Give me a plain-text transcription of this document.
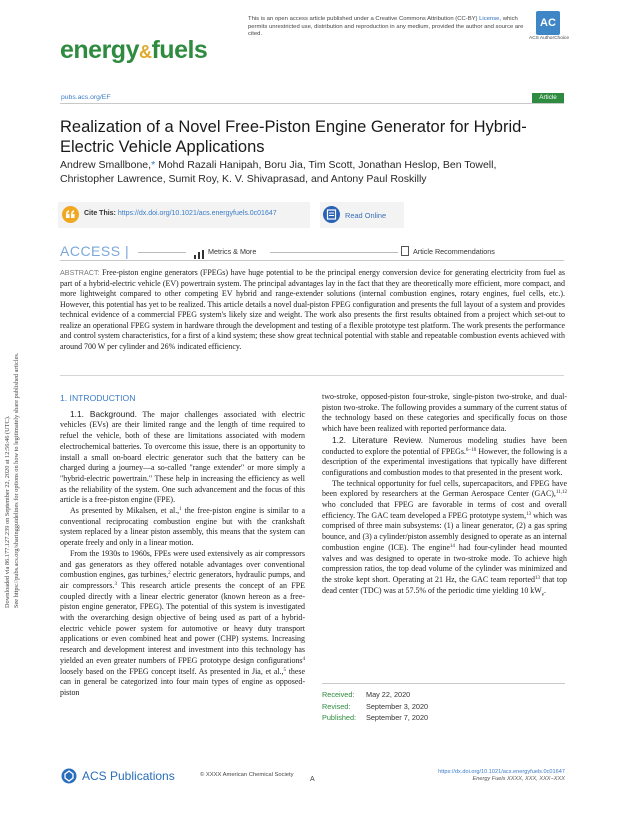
Downloaded via 86.177.127.239 on September 22, 2020 at 12:56:46 (UTC). See https://pubs.acs.org/sharingguidelines for options on how to legitimately share published articles.
This is an open access article published under a Creative Commons Attribution (CC-BY) License, which permits unrestricted use, distribution and reproduction in any medium, provided the author and source are cited.
AC
ACS AuthorChoice
energy&fuels
pubs.acs.org/EF	Article
Realization of a Novel Free-Piston Engine Generator for Hybrid-Electric Vehicle Applications
Andrew Smallbone,* Mohd Razali Hanipah, Boru Jia, Tim Scott, Jonathan Heslop, Ben Towell,
Christopher Lawrence, Sumit Roy, K. V. Shivaprasad, and Antony Paul Roskilly
Cite This: https://dx.doi.org/10.1021/acs.energyfuels.0c01647	Read Online
ACCESS |	Metrics & More	Article Recommendations
ABSTRACT: Free-piston engine generators (FPEGs) have huge potential to be the principal energy conversion device for generating electricity from fuel as part of a hybrid-electric vehicle (EV) powertrain system. The principal advantages lay in the fact that they are theoretically more efficient, more compact, and more lightweight compared to other competing EV hybrid and range-extender solutions (internal combustion engines, rotary engines, fuel cells, etc.). However, this potential has yet to be realized. This article details a novel dual-piston FPEG configuration and presents the full layout of a system and provides technical evidence of a commercial FPEG system's likely size and weight. The work also presents the first results obtained from a project which set-out to realize an operational FPEG system in hardware through the development and testing of a flexible prototype test platform. The work presents the performance and control system characteristics, for a first of a kind system; these show great technical potential with stable and repeatable combustion events achieved with around 700 W per cylinder and 26% indicated efficiency.

1. INTRODUCTION

1.1. Background. The major challenges associated with electric vehicles (EVs) are their limited range and the length of time required to refuel the vehicle, both of these are limitations associated with modern electrochemical batteries. To overcome this issue, there is an opportunity to install a small on-board electric generator such that the battery can be charged during a journey—a so-called "range extender" or more simply a "hybrid-electric powertrain." These help in increasing the efficiency as well as the reliability of the system. One such advancement and the focus of this article is a free-piston engine (FPE).

As presented by Mikalsen, et al.,$^1$ the free-piston engine is similar to a conventional reciprocating combustion engine but with the crankshaft system replaced by a linear piston assembly, this means that the system can operate freely and only in a linear motion.

From the 1930s to 1960s, FPEs were used extensively as air compressors and gas generators as they offered notable advantages over conventional combustion engines, gas turbines,$^2$ electric generators, hydraulic pumps, and air compressors.$^3$ This research article presents the concept of an FPE coupled directly with a linear electric generator (known hereon as a free-piston engine generator, FPEG). The potential of this system is investigated with the overarching design objective of being used as part of a hybrid-electric vehicle power system for automotive or heavy duty transport applications or even combined heat and power (CHP) systems. Increasing research and development interest and investment into this technology has yielded an even greater numbers of FPEG prototype design configurations$^4$ loosely based on the FPEG concept itself. As presented in Jia, et al.,$^5$ these can in general be categorized into four main types of engine as opposed-piston

two-stroke, opposed-piston four-stroke, single-piston two-stroke, and dual-piston two-stroke. The following provides a summary of the current status of the technology based on these categories and specifically focus on those which have been realized with reported performance data.

1.2. Literature Review. Numerous modeling studies have been conducted to explore the potential of FPEGs.$^{6-10}$ However, the following is a description of the experimental investigations that typically have different configurations and combustion modes to that presented in the present work.

The technical opportunity for fuel cells, supercapacitors, and FPEG have been explored by researchers at the German Aerospace Center (GAC),$^{11,12}$ who concluded that FPEG are favorable in terms of cost and overall efficiency. The GAC team developed a FPEG prototype system,$^{13}$ which was comprised of three main subsystems: (1) a linear generator, (2) a gas spring bounce, and (3) a cylinder/piston assembly designed to operate as an internal combustion engine (ICE). The engine$^{14}$ had four-cylinder head mounted valves and was designed to operate in two-stroke mode. To achieve high compression ratios, the top dead volume of the cylinder was minimized and the stroke kept short. Operating at 21 Hz, the GAC team reported$^{13}$ that top dead center (TDC) was at 57.5% of the periodic time yielding 10 $kW_e$.

Received: May 22, 2020
Revised: September 3, 2020
Published: September 7, 2020
ACS Publications	© XXXX American Chemical Society
A
https://dx.doi.org/10.1021/acs.energyfuels.0c01647
Energy Fuels XXXX, XXX, XXX−XXX
